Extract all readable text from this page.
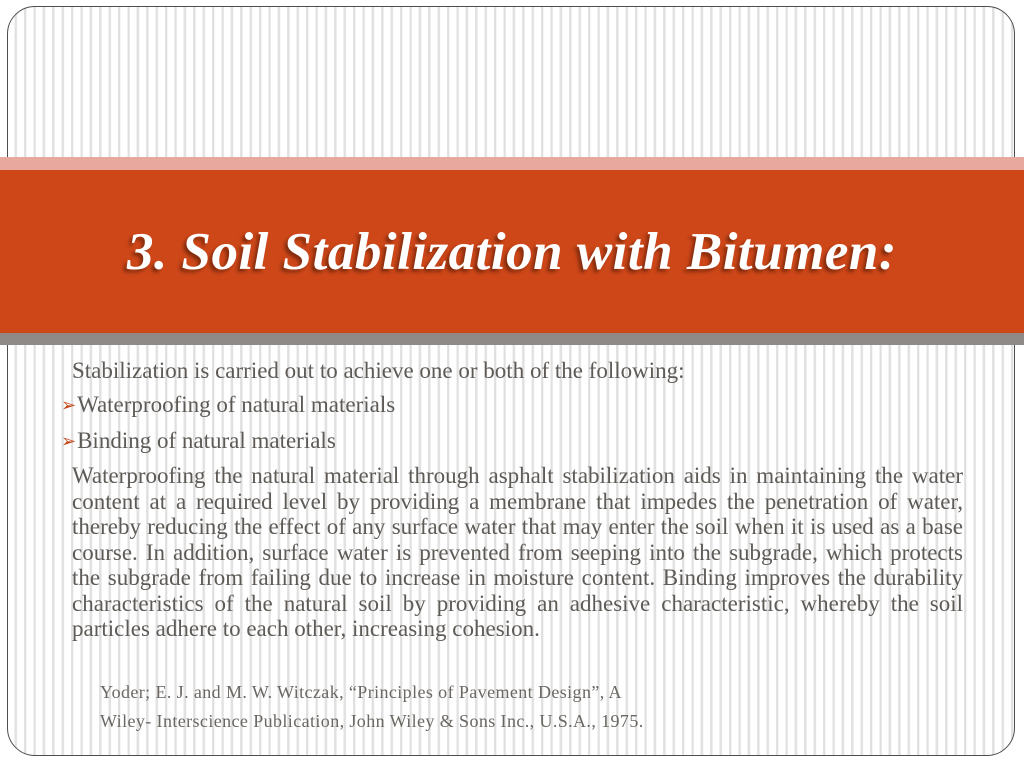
3. Soil Stabilization with Bitumen:

Stabilization is carried out to achieve one or both of the following:

➢Waterproofing of natural materials
➢Binding of natural materials

Waterproofing the natural material through asphalt stabilization aids in maintaining the water content at a required level by providing a membrane that impedes the penetration of water, thereby reducing the effect of any surface water that may enter the soil when it is used as a base course. In addition, surface water is prevented from seeping into the subgrade, which protects the subgrade from failing due to increase in moisture content. Binding improves the durability characteristics of the natural soil by providing an adhesive characteristic, whereby the soil particles adhere to each other, increasing cohesion.

Yoder; E. J. and M. W. Witczak, “Principles of Pavement Design”, A
Wiley- Interscience Publication, John Wiley & Sons Inc., U.S.A., 1975.
